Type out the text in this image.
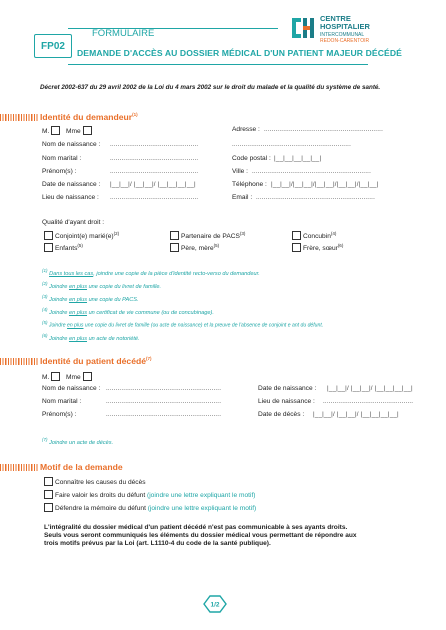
FORMULAIRE
FP02
DEMANDE D'ACCÈS AU DOSSIER MÉDICAL D'UN PATIENT MAJEUR DÉCÉDÉ
CENTRE
HOSPITALIER
INTERCOMMUNAL
REDON-CARENTOIR
Décret 2002-637 du 29 avril 2002 de la Loi du 4 mars 2002 sur le droit du malade et la qualité du système de santé.
Identité du demandeur$^{(1)}$
M.	Mme
Nom de naissance : ..............................................
Nom marital :	..............................................
Prénom(s) :	..............................................
Date de naissance : |__|__|/ |__|__|/ |__|__|__|__|
Lieu de naissance : ..............................................
Adresse : ..............................................................
..............................................................
Code postal : |__|__|__|__|__|
Ville : ..............................................................
Téléphone : |__|__|/|__|__|/|__|__|/|__|__|/|__|__|
Email : ..............................................................
Qualité d'ayant droit :
Conjoint(e) $marié(e)^{(2)}$	Partenaire de PACS$^{(3)}$	Concubin$^{(4)}$
Enfants$^{(5)}$	Père, mère$^{(5)}$	Frère, sœur$^{(6)}$
$^{(1)}$ Dans tous les cas, joindre une copie de la pièce d'identité recto-verso du demandeur.
$^{(2)}$ Joindre en plus une copie du livret de famille.
$^{(3)}$ Joindre en plus une copie du PACS.
$^{(4)}$ Joindre en plus un certificat de vie commune (ou de concubinage).
(5) Joindre en plus une copie du livret de famille (ou acte de naissance) et la preuve de l'absence de conjoint e ant du défunt.
$^{(6)}$ Joindre en plus un acte de notoriété.
Identité du patient décédé$^{(7)}$
M.	Mme
Nom de naissance : ............................................................
Nom marital :	............................................................
Prénom(s) :	............................................................
Date de naissance : |__|__|/ |__|__|/ |__|__|__|__|
Lieu de naissance : ...............................................
Date de décès : |__|__|/ |__|__|/ |__|__|__|__|
$^{(7)}$ Joindre un acte de décès.
Motif de la demande
Connaître les causes du décès
Faire valoir les droits du défunt (joindre une lettre expliquant le motif)
Défendre la mémoire du défunt (joindre une lettre expliquant le motif)
L'intégralité du dossier médical d'un patient décédé n'est pas communicable à ses ayants droits.
Seuls vous seront communiqués les éléments du dossier médical vous permettant de répondre aux
trois motifs prévus par la Loi (art. L1110-4 du code de la santé publique).
1/2
